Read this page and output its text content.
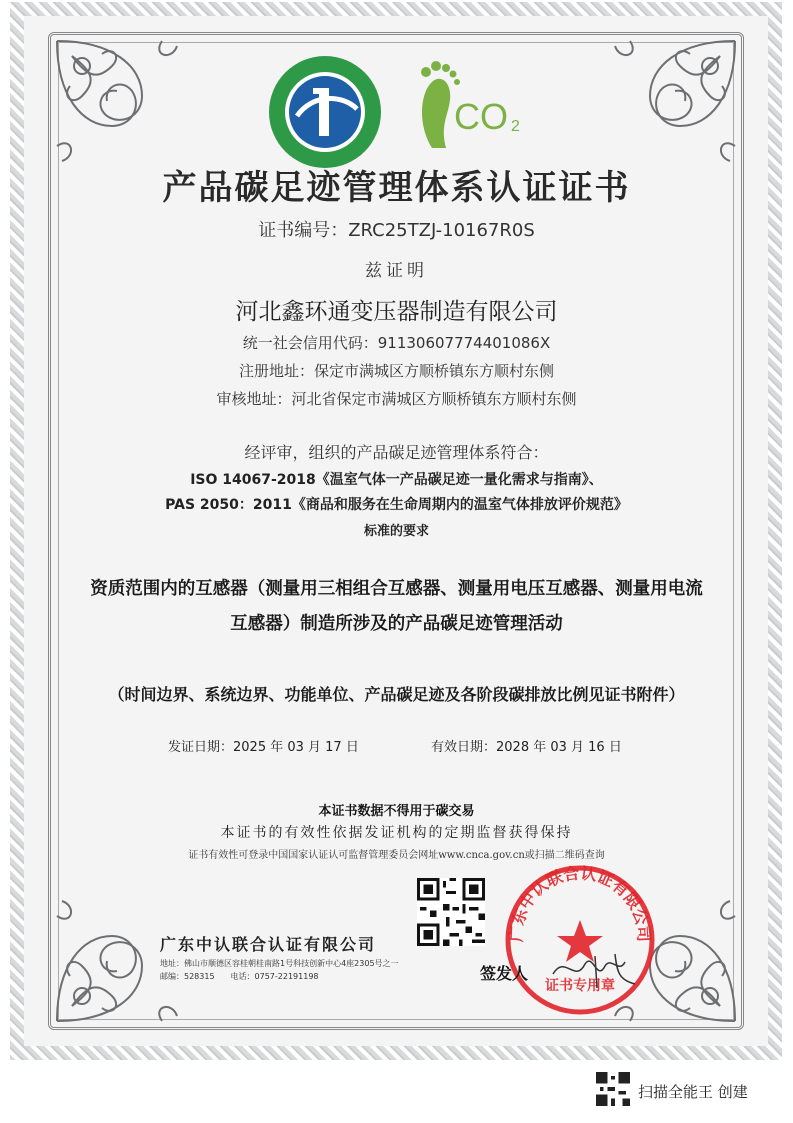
CO 2
产品碳足迹管理体系认证证书
证书编号：ZRC25TZJ-10167R0S
兹证明
河北鑫环通变压器制造有限公司
统一社会信用代码：91130607774401086X
注册地址：保定市满城区方顺桥镇东方顺村东侧
审核地址：河北省保定市满城区方顺桥镇东方顺村东侧
经评审，组织的产品碳足迹管理体系符合：
ISO 14067-2018《温室气体一产品碳足迹一量化需求与指南》、
PAS 2050：2011《商品和服务在生命周期内的温室气体排放评价规范》
标准的要求
资质范围内的互感器（测量用三相组合互感器、测量用电压互感器、测量用电流
互感器）制造所涉及的产品碳足迹管理活动
（时间边界、系统边界、功能单位、产品碳足迹及各阶段碳排放比例见证书附件）
发证日期：2025 年 03 月 17 日	有效日期：2028 年 03 月 16 日
本证书数据不得用于碳交易
本证书的有效性依据发证机构的定期监督获得保持
证书有效性可登录中国国家认证认可监督管理委员会网址www.cnca.gov.cn或扫描二维码查询
广东中认联合认证有限公司
地址：佛山市顺德区容桂朝桂南路1号科技创新中心4座2305号之一
邮编：528315　　电话：0757-22191198
广东中认联合认证有限公司
证书专用章
签发人
扫描全能王 创建
